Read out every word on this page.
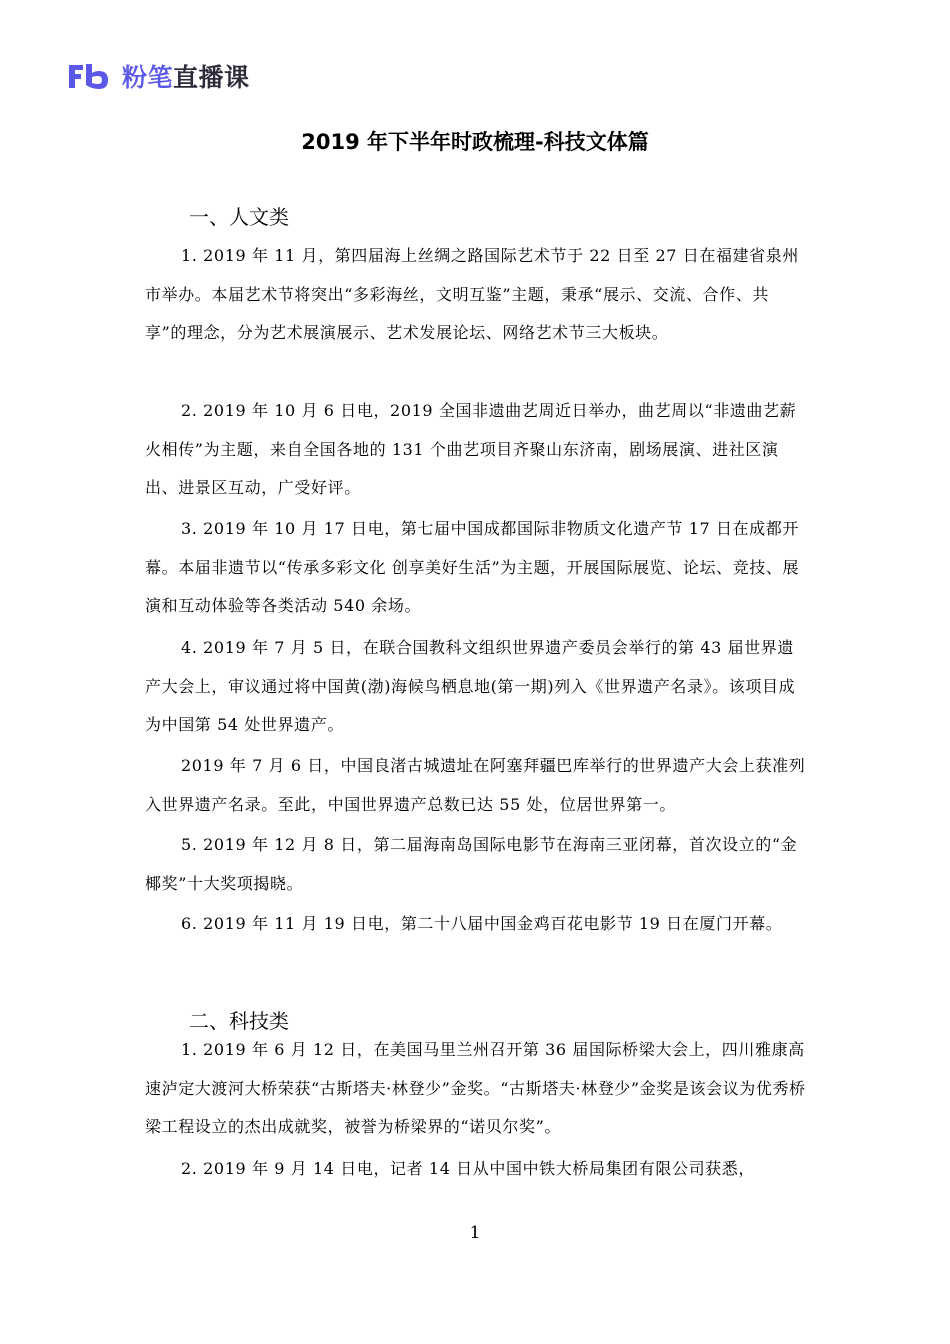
粉笔直播课
2019 年下半年时政梳理-科技文体篇
一、人文类
1. 2019 年 11 月，第四届海上丝绸之路国际艺术节于 22 日至 27 日在福建省泉州市举办。本届艺术节将突出“多彩海丝，文明互鉴”主题，秉承“展示、交流、合作、共享”的理念，分为艺术展演展示、艺术发展论坛、网络艺术节三大板块。
2. 2019 年 10 月 6 日电，2019 全国非遗曲艺周近日举办，曲艺周以“非遗曲艺薪火相传”为主题，来自全国各地的 131 个曲艺项目齐聚山东济南，剧场展演、进社区演出、进景区互动，广受好评。
3. 2019 年 10 月 17 日电，第七届中国成都国际非物质文化遗产节 17 日在成都开幕。本届非遗节以“传承多彩文化 创享美好生活”为主题，开展国际展览、论坛、竞技、展演和互动体验等各类活动 540 余场。
4. 2019 年 7 月 5 日，在联合国教科文组织世界遗产委员会举行的第 43 届世界遗产大会上，审议通过将中国黄(渤)海候鸟栖息地(第一期)列入《世界遗产名录》。该项目成为中国第 54 处世界遗产。
2019 年 7 月 6 日，中国良渚古城遗址在阿塞拜疆巴库举行的世界遗产大会上获准列入世界遗产名录。至此，中国世界遗产总数已达 55 处，位居世界第一。
5. 2019 年 12 月 8 日，第二届海南岛国际电影节在海南三亚闭幕，首次设立的“金椰奖”十大奖项揭晓。
6. 2019 年 11 月 19 日电，第二十八届中国金鸡百花电影节 19 日在厦门开幕。
二、科技类
1. 2019 年 6 月 12 日，在美国马里兰州召开第 36 届国际桥梁大会上，四川雅康高速泸定大渡河大桥荣获“古斯塔夫·林登少”金奖。“古斯塔夫·林登少”金奖是该会议为优秀桥梁工程设立的杰出成就奖，被誉为桥梁界的“诺贝尔奖”。
2. 2019 年 9 月 14 日电，记者 14 日从中国中铁大桥局集团有限公司获悉，
1
